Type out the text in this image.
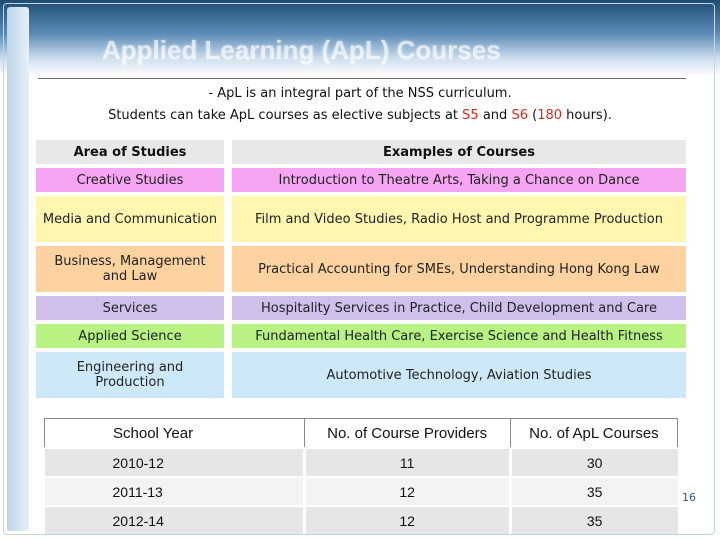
Applied Learning (ApL) Courses
- ApL is an integral part of the NSS curriculum.
Students can take ApL courses as elective subjects at S5 and S6 (180 hours).
Area of Studies		Examples of Courses
Creative Studies		Introduction to Theatre Arts, Taking a Chance on Dance
Media and Communication		Film and Video Studies, Radio Host and Programme Production
Business, Management and Law		Practical Accounting for SMEs, Understanding Hong Kong Law
Services		Hospitality Services in Practice, Child Development and Care
Applied Science		Fundamental Health Care, Exercise Science and Health Fitness
Engineering and Production		Automotive Technology, Aviation Studies
School Year	No. of Course Providers	No. of ApL Courses
2010-12	11	30
2011-13	12	35
2012-14	12	35
16
